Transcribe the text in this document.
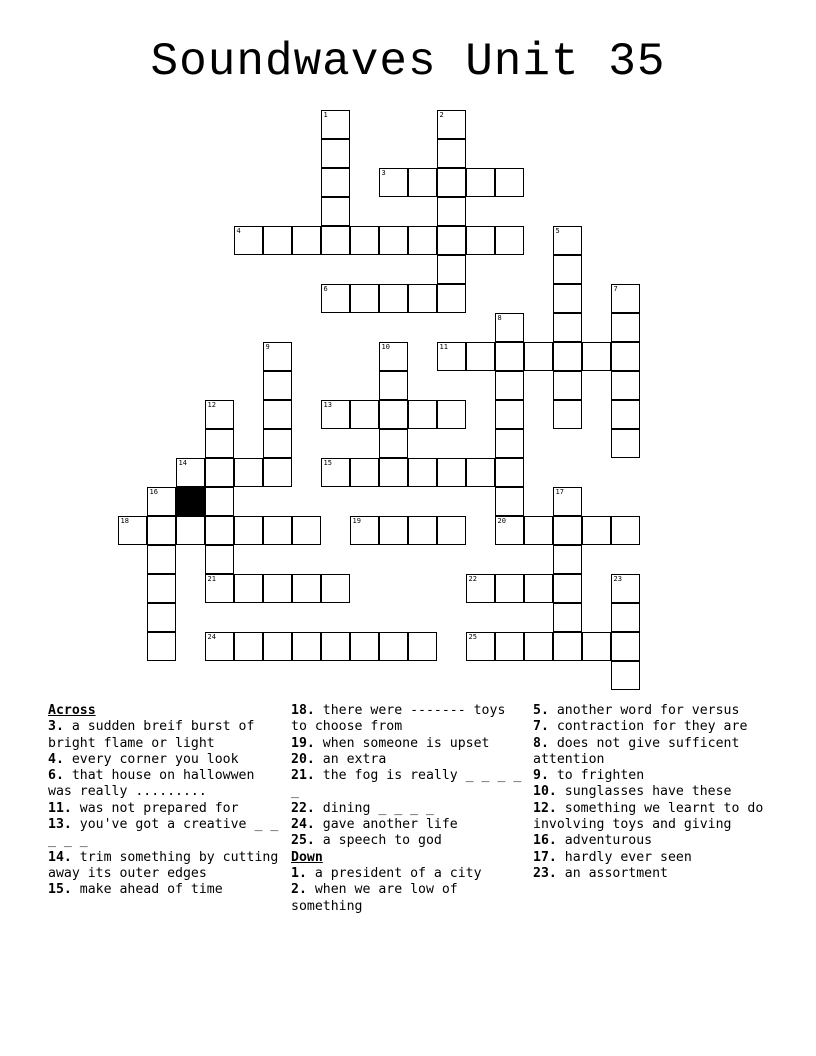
Soundwaves Unit 35
1	2
3
4	5
6	7
8
9	10	11
12	13
14	15
16	17
18	19	20
21	22	23
24	25
Across
3. a sudden breif burst of bright flame or light
4. every corner you look
6. that house on hallowwen was really .........
11. was not prepared for
13. you've got a creative _ _ _ _ _
14. trim something by cutting away its outer edges
15. make ahead of time
18. there were ------- toys to choose from
19. when someone is upset
20. an extra
21. the fog is really _ _ _ _ _
22. dining _ _ _ _
24. gave another life
25. a speech to god
Down
1. a president of a city
2. when we are low of something
5. another word for versus
7. contraction for they are
8. does not give sufficent attention
9. to frighten
10. sunglasses have these
12. something we learnt to do involving toys and giving
16. adventurous
17. hardly ever seen
23. an assortment
